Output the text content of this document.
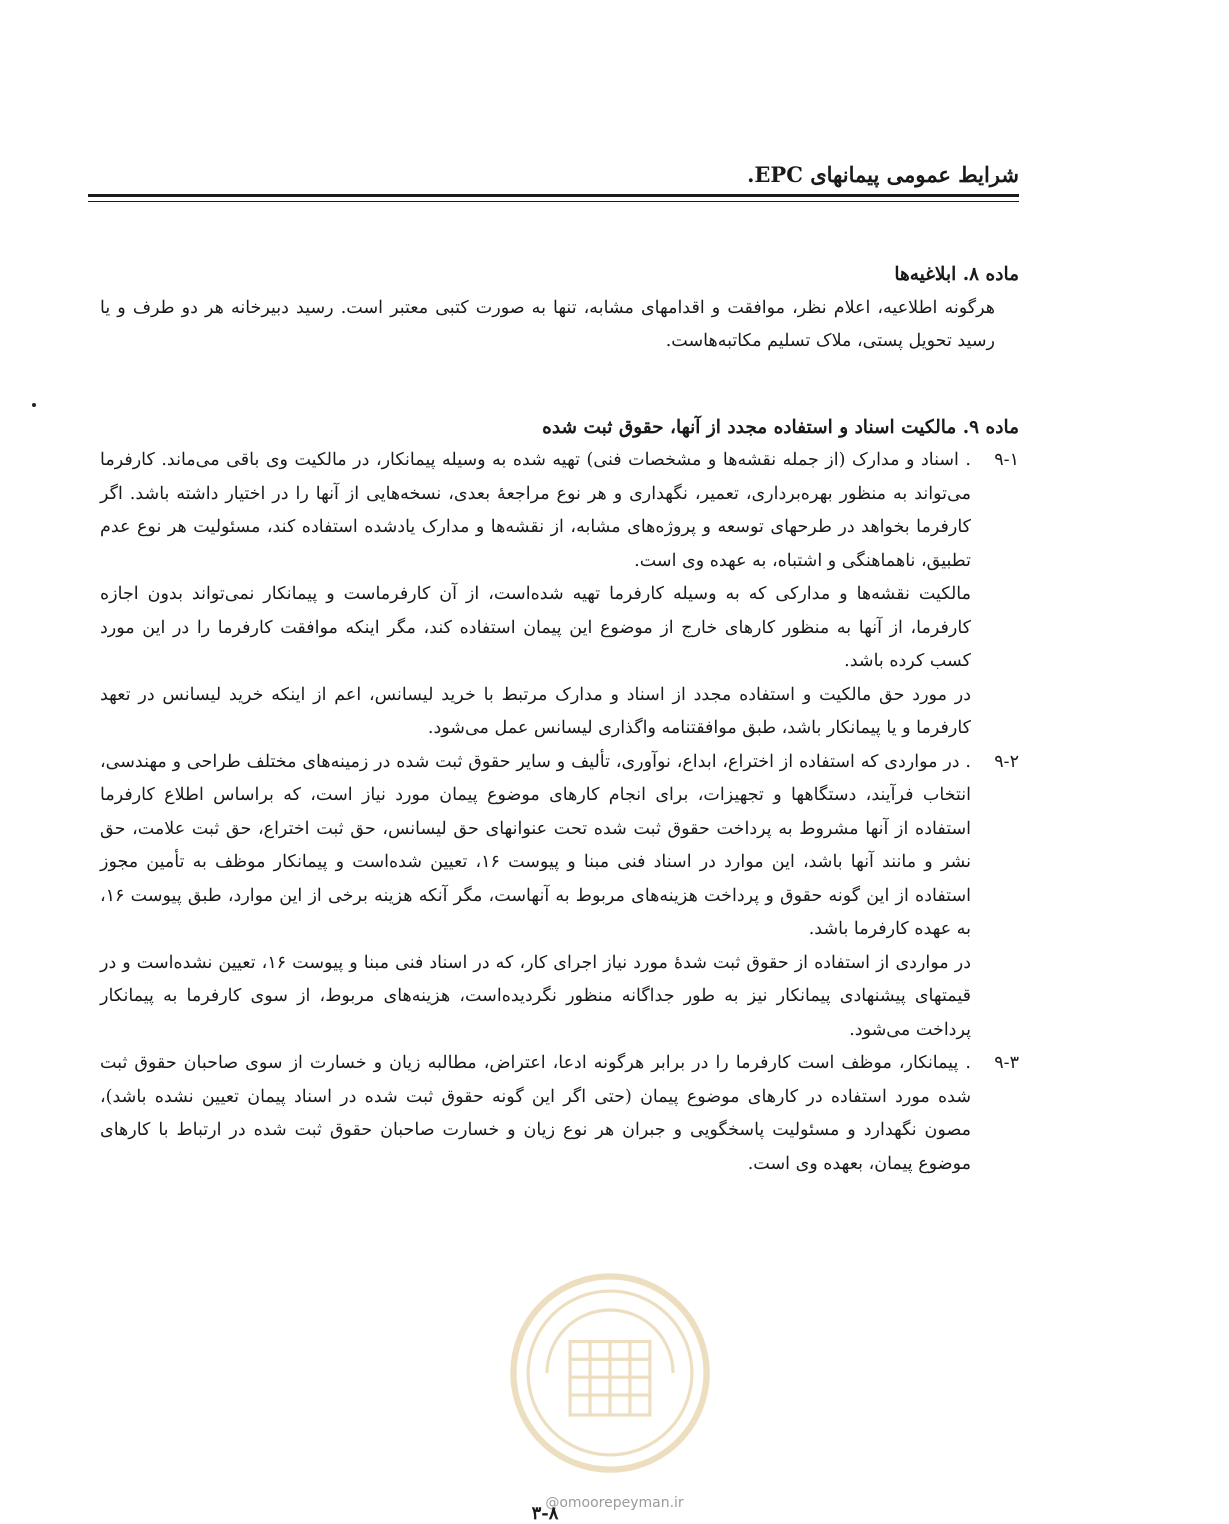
شرایط عمومی پیمانهای EPC.
ماده ۸. ابلاغیه‌ها

هرگونه اطلاعیه، اعلام نظر، موافقت و اقدامهای مشابه، تنها به صورت کتبی معتبر است. رسید دبیرخانه هر دو طرف و یا رسید تحویل پستی، ملاک تسلیم مکاتبه‌هاست.

ماده ۹. مالکیت اسناد و استفاده مجدد از آنها، حقوق ثبت شده
۹-۱
. اسناد و مدارک (از جمله نقشه‌ها و مشخصات فنی) تهیه شده به وسیله پیمانکار، در مالکیت وی باقی می‌ماند. کارفرما می‌تواند به منظور بهره‌برداری، تعمیر، نگهداری و هر نوع مراجعهٔ بعدی، نسخه‌هایی از آنها را در اختیار داشته باشد. اگر کارفرما بخواهد در طرحهای توسعه و پروژه‌های مشابه، از نقشه‌ها و مدارک یادشده استفاده کند، مسئولیت هر نوع عدم تطبیق، ناهماهنگی و اشتباه، به عهده وی است.

مالکیت نقشه‌ها و مدارکی که به وسیله کارفرما تهیه شده‌است، از آن کارفرماست و پیمانکار نمی‌تواند بدون اجازه کارفرما، از آنها به منظور کارهای خارج از موضوع این پیمان استفاده کند، مگر اینکه موافقت کارفرما را در این مورد کسب کرده باشد.

در مورد حق مالکیت و استفاده مجدد از اسناد و مدارک مرتبط با خرید لیسانس، اعم از اینکه خرید لیسانس در تعهد کارفرما و یا پیمانکار باشد، طبق موافقتنامه واگذاری لیسانس عمل می‌شود.

۹-۲
. در مواردی که استفاده از اختراع، ابداع، نوآوری، تألیف و سایر حقوق ثبت شده در زمینه‌های مختلف طراحی و مهندسی، انتخاب فرآیند، دستگاهها و تجهیزات، برای انجام کارهای موضوع پیمان مورد نیاز است، که براساس اطلاع کارفرما استفاده از آنها مشروط به پرداخت حقوق ثبت شده تحت عنوانهای حق لیسانس، حق ثبت اختراع، حق ثبت علامت، حق نشر و مانند آنها باشد، این موارد در اسناد فنی مبنا و پیوست ۱۶، تعیین شده‌است و پیمانکار موظف به تأمین مجوز استفاده از این گونه حقوق و پرداخت هزینه‌های مربوط به آنهاست، مگر آنکه هزینه برخی از این موارد، طبق پیوست ۱۶، به عهده کارفرما باشد.

در مواردی از استفاده از حقوق ثبت شدهٔ مورد نیاز اجرای کار، که در اسناد فنی مبنا و پیوست ۱۶، تعیین نشده‌است و در قیمتهای پیشنهادی پیمانکار نیز به طور جداگانه منظور نگردیده‌است، هزینه‌های مربوط، از سوی کارفرما به پیمانکار پرداخت می‌شود.

۹-۳
. پیمانکار، موظف است کارفرما را در برابر هرگونه ادعا، اعتراض، مطالبه زیان و خسارت از سوی صاحبان حقوق ثبت شده مورد استفاده در کارهای موضوع پیمان (حتی اگر این گونه حقوق ثبت شده در اسناد پیمان تعیین نشده باشد)، مصون نگهدارد و مسئولیت پاسخگویی و جبران هر نوع زیان و خسارت صاحبان حقوق ثبت شده در ارتباط با کارهای موضوع پیمان، بعهده وی است.
@omoorepeyman.ir
۳-۸
